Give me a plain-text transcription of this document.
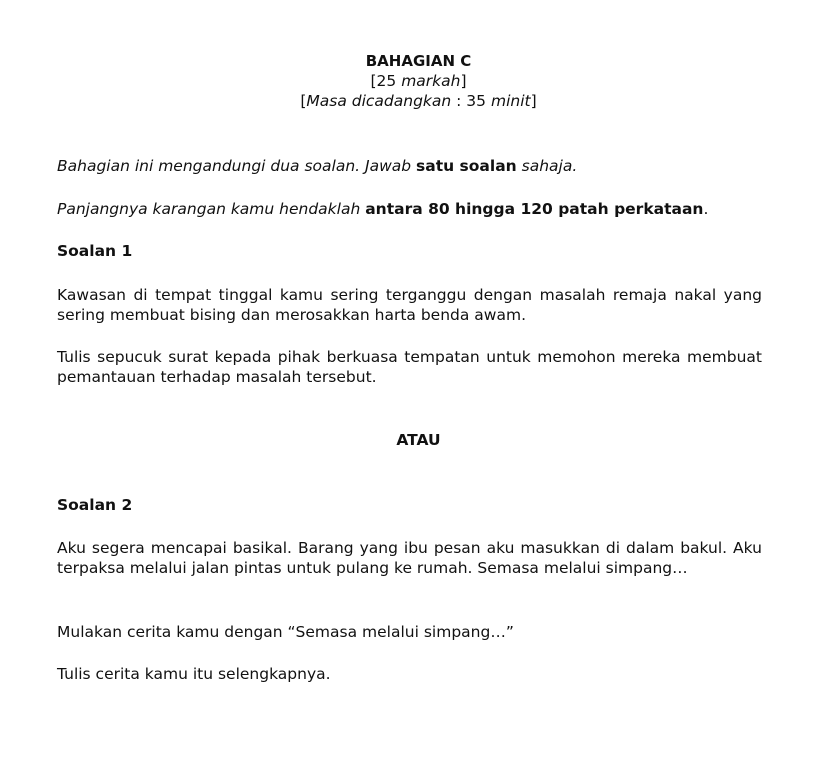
BAHAGIAN C
[25 markah]
[Masa dicadangkan : 35 minit]
Bahagian ini mengandungi dua soalan. Jawab satu soalan sahaja.
Panjangnya karangan kamu hendaklah antara 80 hingga 120 patah perkataan.
Soalan 1
Kawasan di tempat tinggal kamu sering terganggu dengan masalah remaja nakal yang sering membuat bising dan merosakkan harta benda awam.
Tulis sepucuk surat kepada pihak berkuasa tempatan untuk memohon mereka membuat pemantauan terhadap masalah tersebut.
ATAU
Soalan 2
Aku segera mencapai basikal. Barang yang ibu pesan aku masukkan di dalam bakul. Aku terpaksa melalui jalan pintas untuk pulang ke rumah. Semasa melalui simpang…
Mulakan cerita kamu dengan “Semasa melalui simpang…”
Tulis cerita kamu itu selengkapnya.
